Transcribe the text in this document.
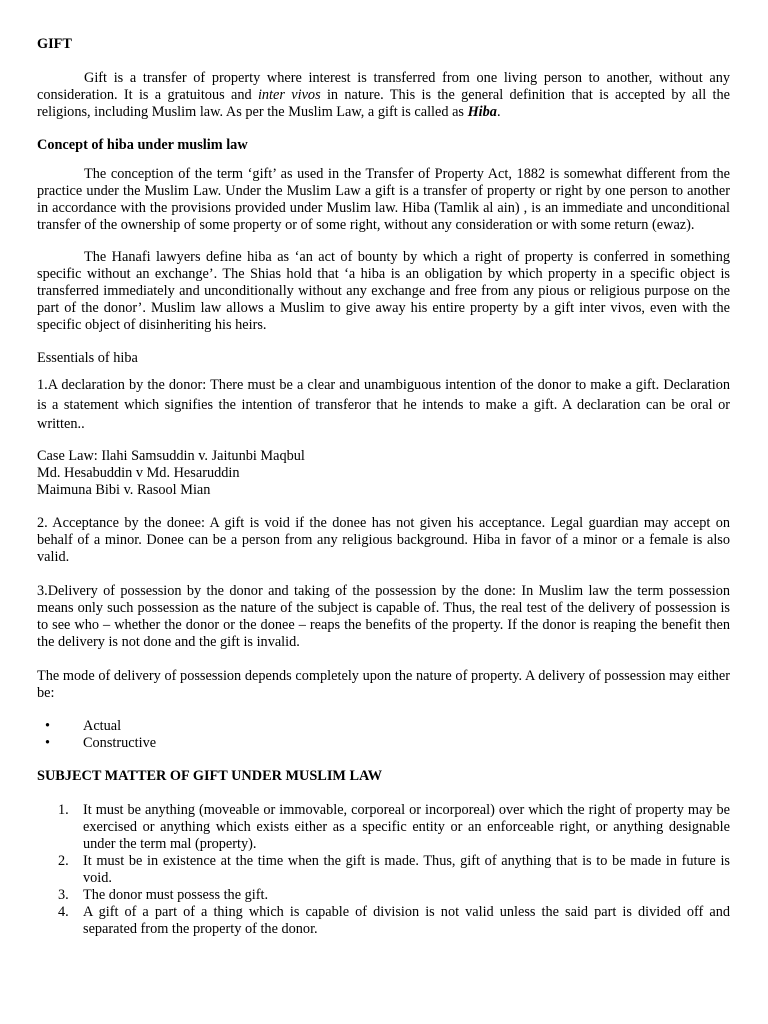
GIFT

Gift is a transfer of property where interest is transferred from one living person to another, without any consideration. It is a gratuitous and inter vivos in nature. This is the general definition that is accepted by all the religions, including Muslim law. As per the Muslim Law, a gift is called as Hiba.

Concept of hiba under muslim law

The conception of the term ‘gift’ as used in the Transfer of Property Act, 1882 is somewhat different from the practice under the Muslim Law. Under the Muslim Law a gift is a transfer of property or right by one person to another in accordance with the provisions provided under Muslim law. Hiba (Tamlik al ain) , is an immediate and unconditional transfer of the ownership of some property or of some right, without any consideration or with some return (ewaz).

The Hanafi lawyers define hiba as ‘an act of bounty by which a right of property is conferred in something specific without an exchange’. The Shias hold that ‘a hiba is an obligation by which property in a specific object is transferred immediately and unconditionally without any exchange and free from any pious or religious purpose on the part of the donor’. Muslim law allows a Muslim to give away his entire property by a gift inter vivos, even with the specific object of disinheriting his heirs.

Essentials of hiba

1.A declaration by the donor: There must be a clear and unambiguous intention of the donor to make a gift. Declaration is a statement which signifies the intention of transferor that he intends to make a gift. A declaration can be oral or written..

Case Law: Ilahi Samsuddin v. Jaitunbi Maqbul
Md. Hesabuddin v Md. Hesaruddin
Maimuna Bibi v. Rasool Mian

2. Acceptance by the donee: A gift is void if the donee has not given his acceptance. Legal guardian may accept on behalf of a minor. Donee can be a person from any religious background. Hiba in favor of a minor or a female is also valid.

3.Delivery of possession by the donor and taking of the possession by the done: In Muslim law the term possession means only such possession as the nature of the subject is capable of. Thus, the real test of the delivery of possession is to see who – whether the donor or the donee – reaps the benefits of the property. If the donor is reaping the benefit then the delivery is not done and the gift is invalid.

The mode of delivery of possession depends completely upon the nature of property. A delivery of possession may either be:

• Actual
• Constructive

SUBJECT MATTER OF GIFT UNDER MUSLIM LAW

1. It must be anything (moveable or immovable, corporeal or incorporeal) over which the right of property may be exercised or anything which exists either as a specific entity or an enforceable right, or anything designable under the term mal (property).
2. It must be in existence at the time when the gift is made. Thus, gift of anything that is to be made in future is void.
3. The donor must possess the gift.
4. A gift of a part of a thing which is capable of division is not valid unless the said part is divided off and separated from the property of the donor.
